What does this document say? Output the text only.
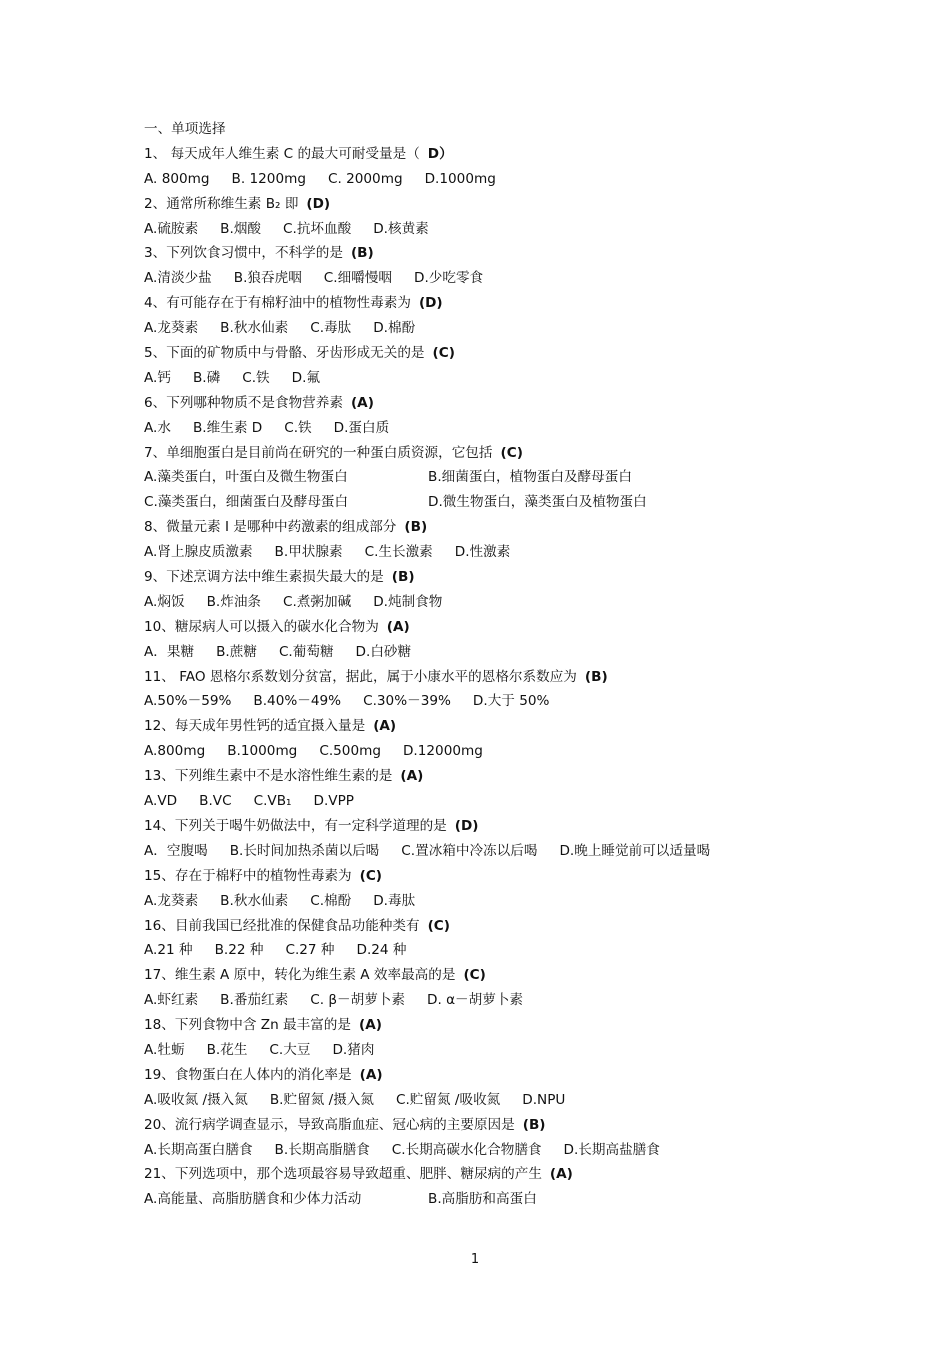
一、单项选择
1、 每天成年人维生素 C 的最大可耐受量是（ D）
A. 800mg B. 1200mg C. 2000mg D.1000mg
2、通常所称维生素 B₂ 即 (D)
A.硫胺素 B.烟酸 C.抗坏血酸 D.核黄素
3、下列饮食习惯中，不科学的是 (B)
A.清淡少盐 B.狼吞虎咽 C.细嚼慢咽 D.少吃零食
4、有可能存在于有棉籽油中的植物性毒素为 (D)
A.龙葵素 B.秋水仙素 C.毒肽 D.棉酚
5、下面的矿物质中与骨骼、牙齿形成无关的是 (C)
A.钙 B.磷 C.铁 D.氟
6、下列哪种物质不是食物营养素 (A)
A.水 B.维生素 D C.铁 D.蛋白质
7、单细胞蛋白是目前尚在研究的一种蛋白质资源，它包括 (C)
A.藻类蛋白，叶蛋白及微生物蛋白	B.细菌蛋白，植物蛋白及酵母蛋白
C.藻类蛋白，细菌蛋白及酵母蛋白	D.微生物蛋白，藻类蛋白及植物蛋白
8、微量元素 I 是哪种中药激素的组成部分 (B)
A.肾上腺皮质激素 B.甲状腺素 C.生长激素 D.性激素
9、下述烹调方法中维生素损失最大的是 (B)
A.焖饭 B.炸油条 C.煮粥加碱 D.炖制食物
10、糖尿病人可以摄入的碳水化合物为 (A)
A．果糖 B.蔗糖 C.葡萄糖 D.白砂糖
11、 FAO 恩格尔系数划分贫富，据此，属于小康水平的恩格尔系数应为 (B)
A.50%－59% B.40%－49% C.30%－39% D.大于 50%
12、每天成年男性钙的适宜摄入量是 (A)
A.800mg B.1000mg C.500mg D.12000mg
13、下列维生素中不是水溶性维生素的是 (A)
A.VD B.VC C.VB₁ D.VPP
14、下列关于喝牛奶做法中，有一定科学道理的是 (D)
A．空腹喝 B.长时间加热杀菌以后喝 C.置冰箱中冷冻以后喝 D.晚上睡觉前可以适量喝
15、存在于棉籽中的植物性毒素为 (C)
A.龙葵素 B.秋水仙素 C.棉酚 D.毒肽
16、目前我国已经批准的保健食品功能种类有 (C)
A.21 种 B.22 种 C.27 种 D.24 种
17、维生素 A 原中，转化为维生素 A 效率最高的是 (C)
A.虾红素 B.番茄红素 C. β－胡萝卜素 D. α－胡萝卜素
18、下列食物中含 Zn 最丰富的是 (A)
A.牡蛎 B.花生 C.大豆 D.猪肉
19、食物蛋白在人体内的消化率是 (A)
A.吸收氮 /摄入氮 B.贮留氮 /摄入氮 C.贮留氮 /吸收氮 D.NPU
20、流行病学调查显示，导致高脂血症、冠心病的主要原因是 (B)
A.长期高蛋白膳食 B.长期高脂膳食 C.长期高碳水化合物膳食 D.长期高盐膳食
21、下列选项中，那个选项最容易导致超重、肥胖、糖尿病的产生 (A)
A.高能量、高脂肪膳食和少体力活动	B.高脂肪和高蛋白
1
